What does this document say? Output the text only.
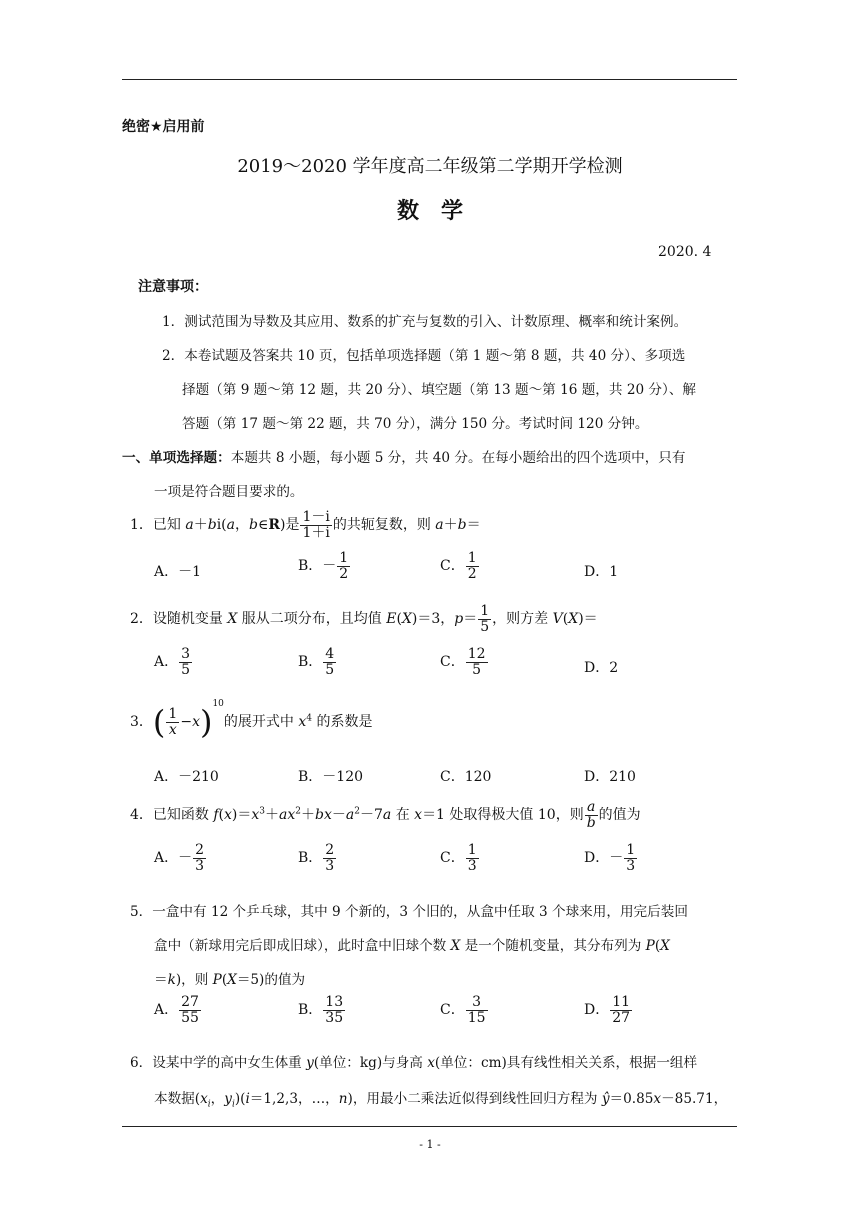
绝密★启用前
2019～2020 学年度高二年级第二学期开学检测
数　学
2020. 4
注意事项：
1．测试范围为导数及其应用、数系的扩充与复数的引入、计数原理、概率和统计案例。
2．本卷试题及答案共 10 页，包括单项选择题（第 1 题～第 8 题，共 40 分）、多项选
择题（第 9 题～第 12 题，共 20 分）、填空题（第 13 题～第 16 题，共 20 分）、解
答题（第 17 题～第 22 题，共 70 分），满分 150 分。考试时间 120 分钟。
一、单项选择题：本题共 8 小题，每小题 5 分，共 40 分。在每小题给出的四个选项中，只有
一项是符合题目要求的。
1．已知 a＋bi(a，b∈R)是 $\frac{1-i}{1+i}$ 的共轭复数，则 a＋b＝
A．－1	B．－ $\frac{1}{2}$	C． $\frac{1}{2}$	D．1
2．设随机变量 X 服从二项分布，且均值 E(X)＝3，$p= \frac{1}{5}$ ，则方差 V(X)＝
A． $\frac{3}{5}$	B． $\frac{4}{5}$	C． $\frac{12}{5}$	D．2
3．( $\frac{1}{x} -x)^{10}$的展开式中 $x^4$ 的系数是
A．－210	B．－120	C．120	D．210
4．已知函数 $f(x)=x^3+ax^2+bx-a^2-7a$ 在 x＝1 处取得极大值 10，则 $\frac{a}{b}$ 的值为
A．－ $\frac{2}{3}$	B． $\frac{2}{3}$	C． $\frac{1}{3}$	D．－ $\frac{1}{3}$
5．一盒中有 12 个乒乓球，其中 9 个新的，3 个旧的，从盒中任取 3 个球来用，用完后装回
盒中（新球用完后即成旧球），此时盒中旧球个数 X 是一个随机变量，其分布列为 P(X
＝k)，则 P(X＝5)的值为
A． $\frac{27}{55}$	B． $\frac{13}{35}$	C． $\frac{3}{15}$	D． $\frac{11}{27}$
6．设某中学的高中女生体重 y(单位：kg)与身高 x(单位：cm)具有线性相关关系，根据一组样
本数据($x_i$，$y_i)(i=1,2,3$，…，n)，用最小二乘法近似得到线性回归方程为 ŷ＝0.85x－85.71，
- 1 -
